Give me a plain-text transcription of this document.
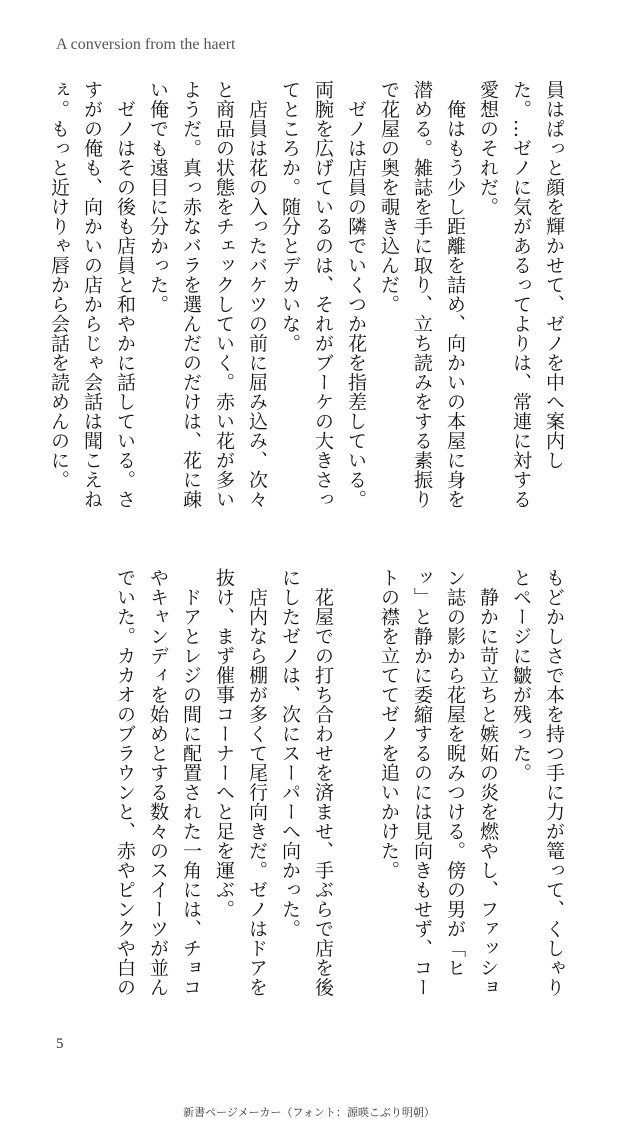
A conversion from the haert

員はぱっと顔を輝かせて、ゼノを中へ案内した。…ゼノに気があるってよりは、常連に対する愛想のそれだ。

　俺はもう少し距離を詰め、向かいの本屋に身を潜める。雑誌を手に取り、立ち読みをする素振りで花屋の奥を覗き込んだ。

　ゼノは店員の隣でいくつか花を指差している。両腕を広げているのは、それがブーケの大きさってところか。随分とデカいな。

　店員は花の入ったバケツの前に屈み込み、次々と商品の状態をチェックしていく。赤い花が多いようだ。真っ赤なバラを選んだのだけは、花に疎い俺でも遠目に分かった。

　ゼノはその後も店員と和やかに話している。さすがの俺も、向かいの店からじゃ会話は聞こえねぇ。もっと近けりゃ唇から会話を読めんのに。

もどかしさで本を持つ手に力が篭って、くしゃりとページに皺が残った。

　静かに苛立ちと嫉妬の炎を燃やし、ファッション誌の影から花屋を睨みつける。傍の男が「ヒッ」と静かに委縮するのには見向きもせず、コートの襟を立ててゼノを追いかけた。

　花屋での打ち合わせを済ませ、手ぶらで店を後にしたゼノは、次にスーパーへ向かった。

　店内なら棚が多くて尾行向きだ。ゼノはドアを抜け、まず催事コーナーへと足を運ぶ。

　ドアとレジの間に配置された一角には、チョコやキャンディを始めとする数々のスイーツが並んでいた。カカオのブラウンと、赤やピンクや白の

5
新書ページメーカー（フォント：源暎こぶり明朝）
